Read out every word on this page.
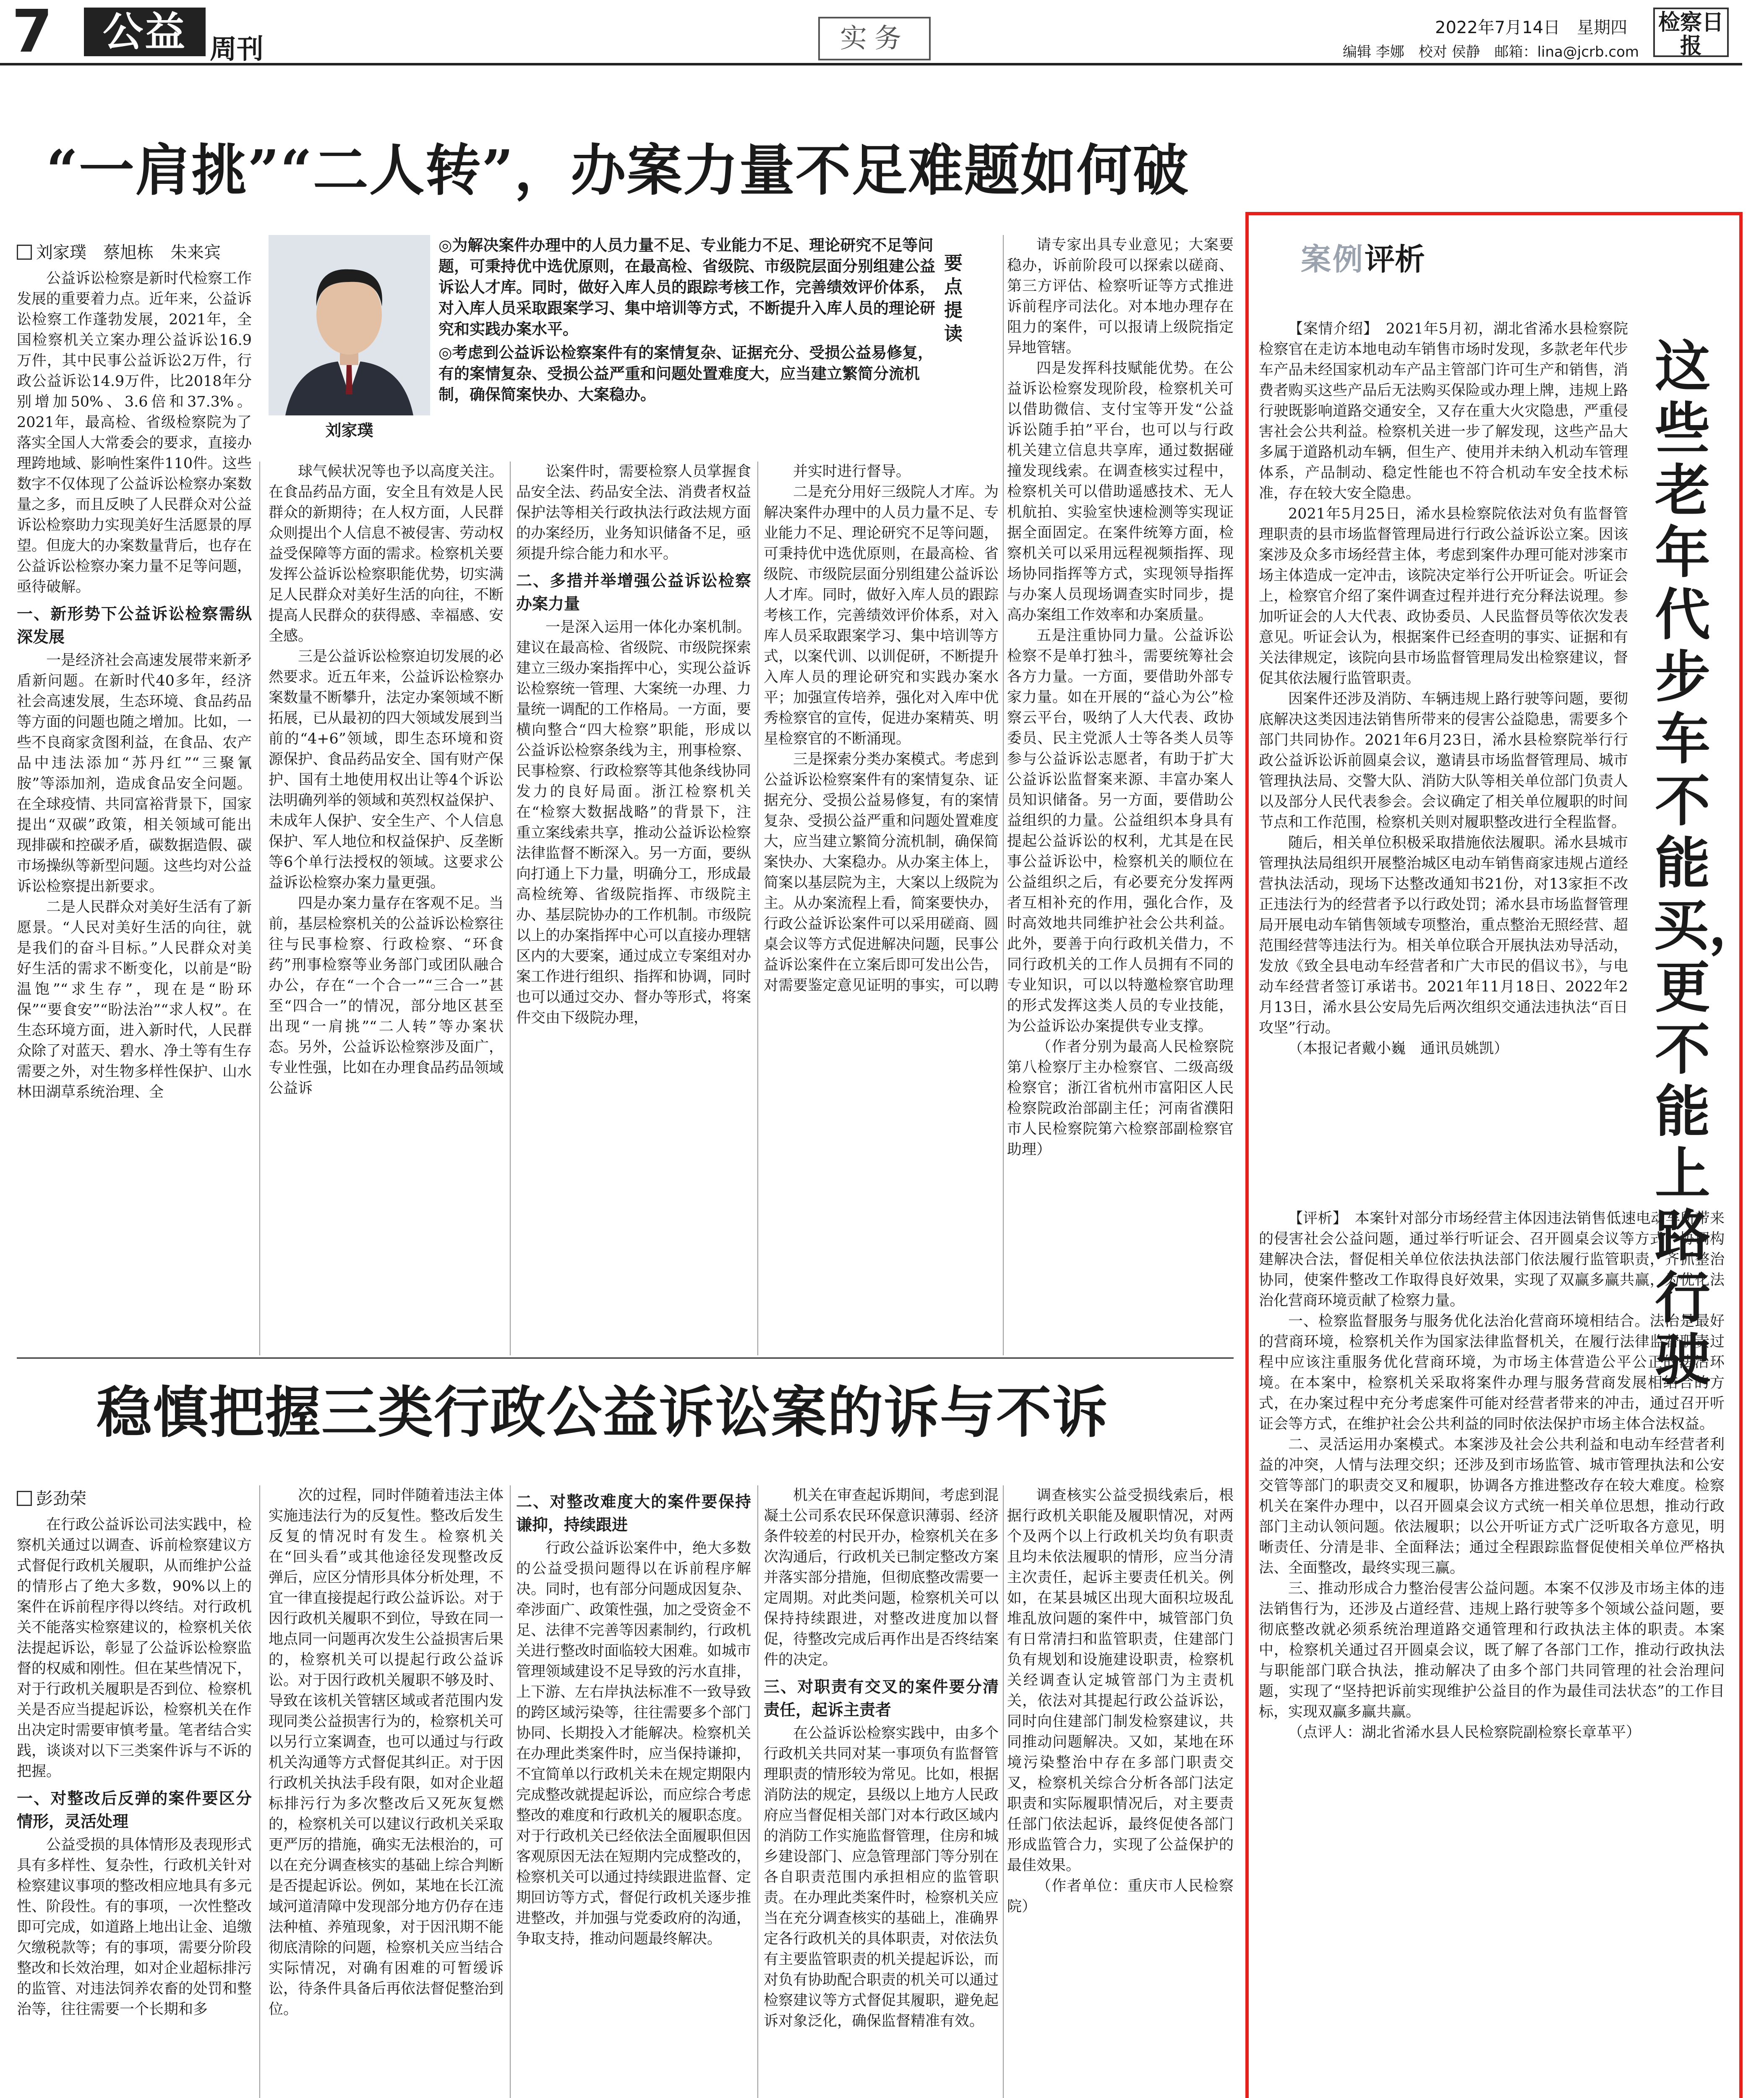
7	公益 周刊	实务	2022年7月14日　星期四
编辑 李娜　校对 侯静　邮箱：lina@jcrb.com
检察日报
“一肩挑”“二人转”，办案力量不足难题如何破
刘家璞　蔡旭栋　朱来宾
刘家璞

◎为解决案件办理中的人员力量不足、专业能力不足、理论研究不足等问题，可秉持优中选优原则，在最高检、省级院、市级院层面分别组建公益诉讼人才库。同时，做好入库人员的跟踪考核工作，完善绩效评价体系，对入库人员采取跟案学习、集中培训等方式，不断提升入库人员的理论研究和实践办案水平。

◎考虑到公益诉讼检察案件有的案情复杂、证据充分、受损公益易修复，有的案情复杂、受损公益严重和问题处置难度大，应当建立繁简分流机制，确保简案快办、大案稳办。

要点提读

公益诉讼检察是新时代检察工作发展的重要着力点。近年来，公益诉讼检察工作蓬勃发展，2021年，全国检察机关立案办理公益诉讼16.9万件，其中民事公益诉讼2万件，行政公益诉讼14.9万件，比2018年分别增加50%、3.6倍和37.3%。2021年，最高检、省级检察院为了落实全国人大常委会的要求，直接办理跨地域、影响性案件110件。这些数字不仅体现了公益诉讼检察办案数量之多，而且反映了人民群众对公益诉讼检察助力实现美好生活愿景的厚望。但庞大的办案数量背后，也存在公益诉讼检察办案力量不足等问题，亟待破解。

一、新形势下公益诉讼检察需纵深发展

一是经济社会高速发展带来新矛盾新问题。在新时代40多年，经济社会高速发展，生态环境、食品药品等方面的问题也随之增加。比如，一些不良商家贪图利益，在食品、农产品中违法添加“苏丹红”“三聚氰胺”等添加剂，造成食品安全问题。在全球疫情、共同富裕背景下，国家提出“双碳”政策，相关领域可能出现排碳和控碳矛盾，碳数据造假、碳市场操纵等新型问题。这些均对公益诉讼检察提出新要求。

二是人民群众对美好生活有了新愿景。“人民对美好生活的向往，就是我们的奋斗目标。”人民群众对美好生活的需求不断变化，以前是“盼温饱”“求生存”，现在是“盼环保”“要食安”“盼法治”“求人权”。在生态环境方面，进入新时代，人民群众除了对蓝天、碧水、净土等有生存需要之外，对生物多样性保护、山水林田湖草系统治理、全

球气候状况等也予以高度关注。在食品药品方面，安全且有效是人民群众的新期待；在人权方面，人民群众则提出个人信息不被侵害、劳动权益受保障等方面的需求。检察机关要发挥公益诉讼检察职能优势，切实满足人民群众对美好生活的向往，不断提高人民群众的获得感、幸福感、安全感。

三是公益诉讼检察迫切发展的必然要求。近五年来，公益诉讼检察办案数量不断攀升，法定办案领域不断拓展，已从最初的四大领域发展到当前的“4+6”领域，即生态环境和资源保护、食品药品安全、国有财产保护、国有土地使用权出让等4个诉讼法明确列举的领域和英烈权益保护、未成年人保护、安全生产、个人信息保护、军人地位和权益保护、反垄断等6个单行法授权的领域。这要求公益诉讼检察办案力量更强。

四是办案力量存在客观不足。当前，基层检察机关的公益诉讼检察往往与民事检察、行政检察、“环食药”刑事检察等业务部门或团队融合办公，存在“一个合一”“三合一”甚至“四合一”的情况，部分地区甚至出现“一肩挑”“二人转”等办案状态。另外，公益诉讼检察涉及面广，专业性强，比如在办理食品药品领域公益诉

讼案件时，需要检察人员掌握食品安全法、药品安全法、消费者权益保护法等相关行政执法行政法规方面的办案经历，业务知识储备不足，亟须提升综合能力和水平。

二、多措并举增强公益诉讼检察办案力量

一是深入运用一体化办案机制。建议在最高检、省级院、市级院探索建立三级办案指挥中心，实现公益诉讼检察统一管理、大案统一办理、力量统一调配的工作格局。一方面，要横向整合“四大检察”职能，形成以公益诉讼检察条线为主，刑事检察、民事检察、行政检察等其他条线协同发力的良好局面。浙江检察机关在“检察大数据战略”的背景下，注重立案线索共享，推动公益诉讼检察法律监督不断深入。另一方面，要纵向打通上下力量，明确分工，形成最高检统筹、省级院指挥、市级院主办、基层院协办的工作机制。市级院以上的办案指挥中心可以直接办理辖区内的大要案，通过成立专案组对办案工作进行组织、指挥和协调，同时也可以通过交办、督办等形式，将案件交由下级院办理，

并实时进行督导。

二是充分用好三级院人才库。为解决案件办理中的人员力量不足、专业能力不足、理论研究不足等问题，可秉持优中选优原则，在最高检、省级院、市级院层面分别组建公益诉讼人才库。同时，做好入库人员的跟踪考核工作，完善绩效评价体系，对入库人员采取跟案学习、集中培训等方式，以案代训、以训促研，不断提升入库人员的理论研究和实践办案水平；加强宣传培养，强化对入库中优秀检察官的宣传，促进办案精英、明星检察官的不断涌现。

三是探索分类办案模式。考虑到公益诉讼检察案件有的案情复杂、证据充分、受损公益易修复，有的案情复杂、受损公益严重和问题处置难度大，应当建立繁简分流机制，确保简案快办、大案稳办。从办案主体上，简案以基层院为主，大案以上级院为主。从办案流程上看，简案要快办，行政公益诉讼案件可以采用磋商、圆桌会议等方式促进解决问题，民事公益诉讼案件在立案后即可发出公告，对需要鉴定意见证明的事实，可以聘

请专家出具专业意见；大案要稳办，诉前阶段可以探索以磋商、第三方评估、检察听证等方式推进诉前程序司法化。对本地办理存在阻力的案件，可以报请上级院指定异地管辖。

四是发挥科技赋能优势。在公益诉讼检察发现阶段，检察机关可以借助微信、支付宝等开发“公益诉讼随手拍”平台，也可以与行政机关建立信息共享库，通过数据碰撞发现线索。在调查核实过程中，检察机关可以借助遥感技术、无人机航拍、实验室快速检测等实现证据全面固定。在案件统筹方面，检察机关可以采用远程视频指挥、现场协同指挥等方式，实现领导指挥与办案人员现场调查实时同步，提高办案组工作效率和办案质量。

五是注重协同力量。公益诉讼检察不是单打独斗，需要统筹社会各方力量。一方面，要借助外部专家力量。如在开展的“益心为公”检察云平台，吸纳了人大代表、政协委员、民主党派人士等各类人员等参与公益诉讼志愿者，有助于扩大公益诉讼监督案来源、丰富办案人员知识储备。另一方面，要借助公益组织的力量。公益组织本身具有提起公益诉讼的权利，尤其是在民事公益诉讼中，检察机关的顺位在公益组织之后，有必要充分发挥两者互相补充的作用，强化合作，及时高效地共同维护社会公共利益。此外，要善于向行政机关借力，不同行政机关的工作人员拥有不同的专业知识，可以以特邀检察官助理的形式发挥这类人员的专业技能，为公益诉讼办案提供专业支撑。

（作者分别为最高人民检察院第八检察厅主办检察官、二级高级检察官；浙江省杭州市富阳区人民检察院政治部副主任；河南省濮阳市人民检察院第六检察部副检察官助理）

案例评析

【案情介绍】　2021年5月初，湖北省浠水县检察院检察官在走访本地电动车销售市场时发现，多款老年代步车产品未经国家机动车产品主管部门许可生产和销售，消费者购买这些产品后无法购买保险或办理上牌，违规上路行驶既影响道路交通安全，又存在重大火灾隐患，严重侵害社会公共利益。检察机关进一步了解发现，这些产品大多属于道路机动车辆，但生产、使用并未纳入机动车管理体系，产品制动、稳定性能也不符合机动车安全技术标准，存在较大安全隐患。

2021年5月25日，浠水县检察院依法对负有监督管理职责的县市场监督管理局进行行政公益诉讼立案。因该案涉及众多市场经营主体，考虑到案件办理可能对涉案市场主体造成一定冲击，该院决定举行公开听证会。听证会上，检察官介绍了案件调查过程并进行充分释法说理。参加听证会的人大代表、政协委员、人民监督员等依次发表意见。听证会认为，根据案件已经查明的事实、证据和有关法律规定，该院向县市场监督管理局发出检察建议，督促其依法履行监管职责。

因案件还涉及消防、车辆违规上路行驶等问题，要彻底解决这类因违法销售所带来的侵害公益隐患，需要多个部门共同协作。2021年6月23日，浠水县检察院举行行政公益诉讼诉前圆桌会议，邀请县市场监督管理局、城市管理执法局、交警大队、消防大队等相关单位部门负责人以及部分人民代表参会。会议确定了相关单位履职的时间节点和工作范围，检察机关则对履职整改进行全程监督。

随后，相关单位积极采取措施依法履职。浠水县城市管理执法局组织开展整治城区电动车销售商家违规占道经营执法活动，现场下达整改通知书21份，对13家拒不改正违法行为的经营者予以行政处罚；浠水县市场监督管理局开展电动车销售领域专项整治，重点整治无照经营、超范围经营等违法行为。相关单位联合开展执法劝导活动，发放《致全县电动车经营者和广大市民的倡议书》，与电动车经营者签订承诺书。2021年11月18日、2022年2月13日，浠水县公安局先后两次组织交通法违执法“百日攻坚”行动。

（本报记者戴小巍　通讯员姚凯）

这些老年代步车不能买，更不能上路行驶

【评析】　本案针对部分市场经营主体因违法销售低速电动车所带来的侵害社会公益问题，通过举行听证会、召开圆桌会议等方式，协调构建解决合法，督促相关单位依法执法部门依法履行监管职责，齐抓整治协同，使案件整改工作取得良好效果，实现了双赢多赢共赢，为优化法治化营商环境贡献了检察力量。

一、检察监督服务与服务优化法治化营商环境相结合。法治是最好的营商环境，检察机关作为国家法律监督机关，在履行法律监督职责过程中应该注重服务优化营商环境，为市场主体营造公平公正的法治环境。在本案中，检察机关采取将案件办理与服务营商发展相结合的方式，在办案过程中充分考虑案件可能对经营者带来的冲击，通过召开听证会等方式，在维护社会公共利益的同时依法保护市场主体合法权益。

二、灵活运用办案模式。本案涉及社会公共利益和电动车经营者利益的冲突，人情与法理交织；还涉及到市场监管、城市管理执法和公安交管等部门的职责交叉和履职，协调各方推进整改存在较大难度。检察机关在案件办理中，以召开圆桌会议方式统一相关单位思想，推动行政部门主动认领问题。依法履职；以公开听证方式广泛听取各方意见，明晰责任、分清是非、全面释法；通过全程跟踪监督促使相关单位严格执法、全面整改，最终实现三赢。

三、推动形成合力整治侵害公益问题。本案不仅涉及市场主体的违法销售行为，还涉及占道经营、违规上路行驶等多个领域公益问题，要彻底整改就必须系统治理道路交通管理和行政执法主体的职责。本案中，检察机关通过召开圆桌会议，既了解了各部门工作，推动行政执法与职能部门联合执法，推动解决了由多个部门共同管理的社会治理问题，实现了“坚持把诉前实现维护公益目的作为最佳司法状态”的工作目标，实现双赢多赢共赢。

（点评人：湖北省浠水县人民检察院副检察长章革平）

稳慎把握三类行政公益诉讼案的诉与不诉
彭劲荣

在行政公益诉讼司法实践中，检察机关通过以调查、诉前检察建议方式督促行政机关履职，从而维护公益的情形占了绝大多数，90%以上的案件在诉前程序得以终结。对行政机关不能落实检察建议的，检察机关依法提起诉讼，彰显了公益诉讼检察监督的权威和刚性。但在某些情况下，对于行政机关履职是否到位、检察机关是否应当提起诉讼，检察机关在作出决定时需要审慎考量。笔者结合实践，谈谈对以下三类案件诉与不诉的把握。

一、对整改后反弹的案件要区分情形，灵活处理

公益受损的具体情形及表现形式具有多样性、复杂性，行政机关针对检察建议事项的整改相应地具有多元性、阶段性。有的事项，一次性整改即可完成，如道路上地出让金、追缴欠缴税款等；有的事项，需要分阶段整改和长效治理，如对企业超标排污的监管、对违法饲养农畜的处罚和整治等，往往需要一个长期和多

次的过程，同时伴随着违法主体实施违法行为的反复性。整改后发生反复的情况时有发生。检察机关在“回头看”或其他途径发现整改反弹后，应区分情形具体分析处理，不宜一律直接提起行政公益诉讼。对于因行政机关履职不到位，导致在同一地点同一问题再次发生公益损害后果的，检察机关可以提起行政公益诉讼。对于因行政机关履职不够及时、导致在该机关管辖区域或者范围内发现同类公益损害行为的，检察机关可以另行立案调查，也可以通过与行政机关沟通等方式督促其纠正。对于因行政机关执法手段有限，如对企业超标排污行为多次整改后又死灰复燃的，检察机关可以建议行政机关采取更严厉的措施，确实无法根治的，可以在充分调查核实的基础上综合判断是否提起诉讼。例如，某地在长江流域河道清障中发现部分地方仍存在违法种植、养殖现象，对于因汛期不能彻底清除的问题，检察机关应当结合实际情况，对确有困难的可暂缓诉讼，待条件具备后再依法督促整治到位。

二、对整改难度大的案件要保持谦抑，持续跟进

行政公益诉讼案件中，绝大多数的公益受损问题得以在诉前程序解决。同时，也有部分问题成因复杂、牵涉面广、政策性强，加之受资金不足、法律不完善等因素制约，行政机关进行整改时面临较大困难。如城市管理领域建设不足导致的污水直排，上下游、左右岸执法标准不一致导致的跨区域污染等，往往需要多个部门协同、长期投入才能解决。检察机关在办理此类案件时，应当保持谦抑，不宜简单以行政机关未在规定期限内完成整改就提起诉讼，而应综合考虑整改的难度和行政机关的履职态度。对于行政机关已经依法全面履职但因客观原因无法在短期内完成整改的，检察机关可以通过持续跟进监督、定期回访等方式，督促行政机关逐步推进整改，并加强与党委政府的沟通，争取支持，推动问题最终解决。

机关在审查起诉期间，考虑到混凝土公司系农民环保意识薄弱、经济条件较差的村民开办，检察机关在多次沟通后，行政机关已制定整改方案并落实部分措施，但彻底整改需要一定周期。对此类问题，检察机关可以保持持续跟进，对整改进度加以督促，待整改完成后再作出是否终结案件的决定。

三、对职责有交叉的案件要分清责任，起诉主责者

在公益诉讼检察实践中，由多个行政机关共同对某一事项负有监督管理职责的情形较为常见。比如，根据消防法的规定，县级以上地方人民政府应当督促相关部门对本行政区域内的消防工作实施监督管理，住房和城乡建设部门、应急管理部门等分别在各自职责范围内承担相应的监管职责。在办理此类案件时，检察机关应当在充分调查核实的基础上，准确界定各行政机关的具体职责，对依法负有主要监管职责的机关提起诉讼，而对负有协助配合职责的机关可以通过检察建议等方式督促其履职，避免起诉对象泛化，确保监督精准有效。

调查核实公益受损线索后，根据行政机关职能及履职情况，对两个及两个以上行政机关均负有职责且均未依法履职的情形，应当分清主次责任，起诉主要责任机关。例如，在某县城区出现大面积垃圾乱堆乱放问题的案件中，城管部门负有日常清扫和监管职责，住建部门负有规划和设施建设职责，检察机关经调查认定城管部门为主责机关，依法对其提起行政公益诉讼，同时向住建部门制发检察建议，共同推动问题解决。又如，某地在环境污染整治中存在多部门职责交叉，检察机关综合分析各部门法定职责和实际履职情况后，对主要责任部门依法起诉，最终促使各部门形成监管合力，实现了公益保护的最佳效果。

（作者单位：重庆市人民检察院）
